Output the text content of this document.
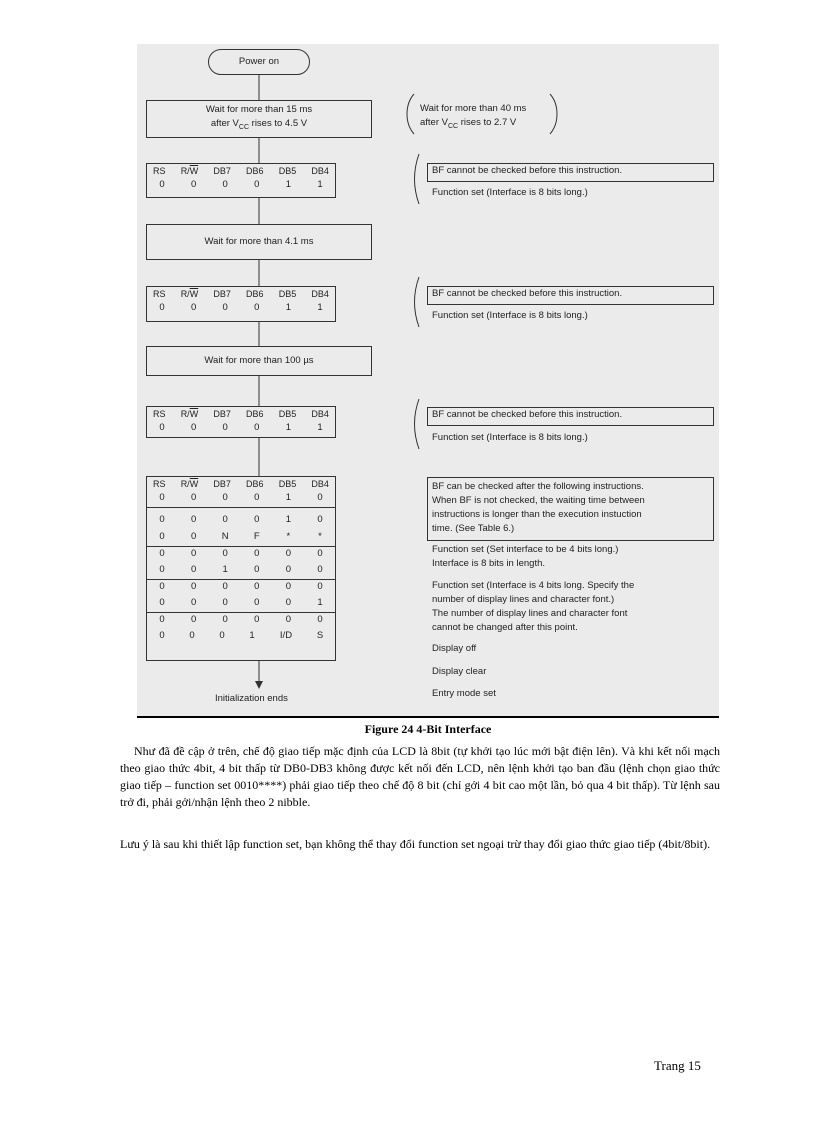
Power on
Wait for more than 15 ms
after $V_{CC}$ rises to 4.5 V
Wait for more than 40 ms
after $V_{CC}$ rises to 2.7 V
RS $R/\overline{W}$ DB7 DB6 DB5 DB4
0	0	0	0	1	1
BF cannot be checked before this instruction.
Function set (Interface is 8 bits long.)
Wait for more than 4.1 ms
RS $R/\overline{W}$ DB7 DB6 DB5 DB4
0	0	0	0	1	1
BF cannot be checked before this instruction.
Function set (Interface is 8 bits long.)
Wait for more than 100 µs
RS $R/\overline{W}$ DB7 DB6 DB5 DB4
0	0	0	0	1	1
BF cannot be checked before this instruction.
Function set (Interface is 8 bits long.)
RS $R/\overline{W}$ DB7 DB6 DB5 DB4
0	0	0	0	1	0
0	0	0	0	1	0
0	0	N	F	*	*
0	0	0	0	0	0
0	0	1	0	0	0
0	0	0	0	0	0
0	0	0	0	0	1
0	0	0	0	0	0
0	0	0	1	I/D	S
BF can be checked after the following instructions.
When BF is not checked, the waiting time between
instructions is longer than the execution instuction
time. (See Table 6.)
Function set (Set interface to be 4 bits long.)
Interface is 8 bits in length.
Function set (Interface is 4 bits long. Specify the
number of display lines and character font.)
The number of display lines and character font
cannot be changed after this point.
Display off
Display clear
Entry mode set
Initialization ends
Figure 24 4-Bit Interface
Như đã đề cập ở trên, chế độ giao tiếp mặc định của LCD là 8bit (tự khởi tạo lúc mới bật điện lên). Và khi kết nối mạch theo giao thức 4bit, 4 bit thấp từ DB0-DB3 không được kết nối đến LCD, nên lệnh khởi tạo ban đầu (lệnh chọn giao thức giao tiếp – function set 0010****) phải giao tiếp theo chế độ 8 bit (chỉ gởi 4 bit cao một lần, bỏ qua 4 bit thấp). Từ lệnh sau trở đi, phải gởi/nhận lệnh theo 2 nibble.
Lưu ý là sau khi thiết lập function set, bạn không thể thay đổi function set ngoại trừ thay đổi giao thức giao tiếp (4bit/8bit).
Trang 15
